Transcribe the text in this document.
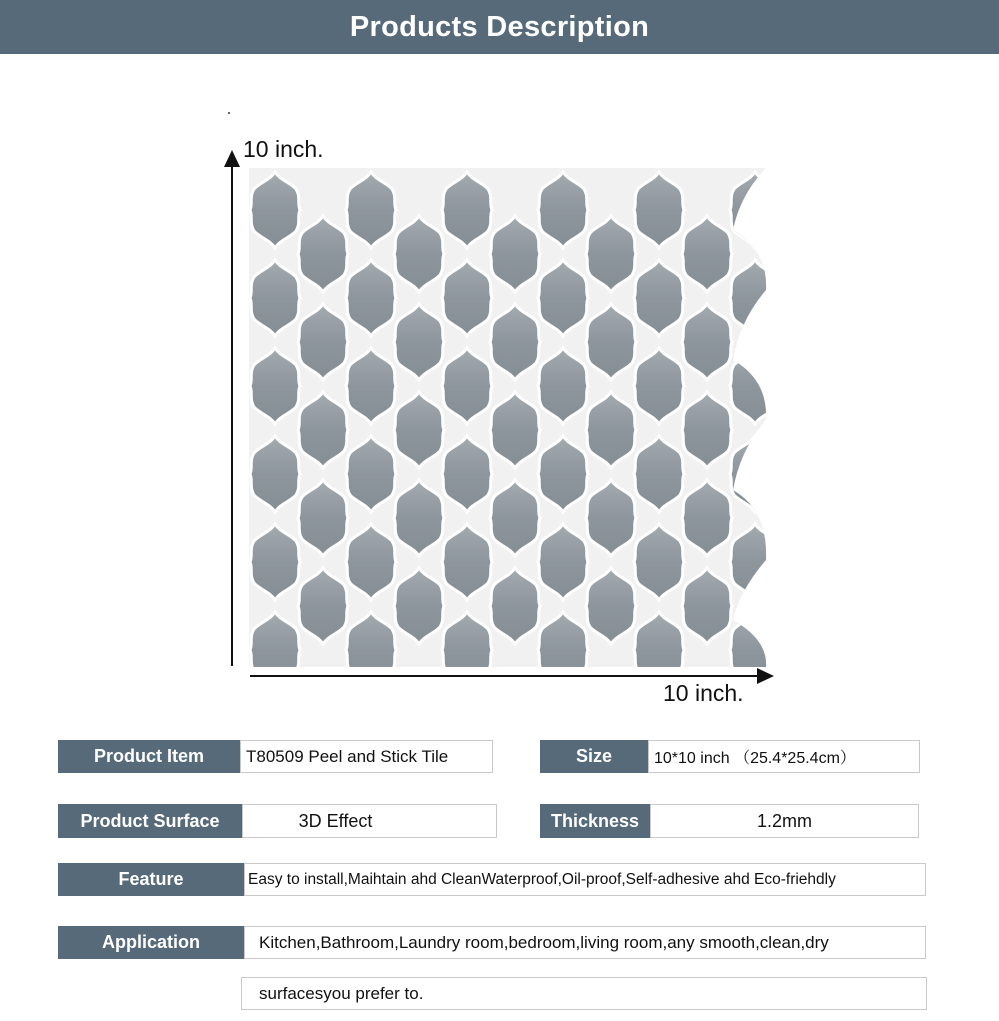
Products Description
10 inch.
10 inch.
Product Item	T80509 Peel and Stick Tile	Size	10*10 inch （25.4*25.4cm）
Product Surface	3D Effect	Thickness	1.2mm
Feature	Easy to install,Maihtain ahd CleanWaterproof,Oil-proof,Self-adhesive ahd Eco-friehdly
Application	Kitchen,Bathroom,Laundry room,bedroom,living room,any smooth,clean,dry
surfacesyou prefer to.
